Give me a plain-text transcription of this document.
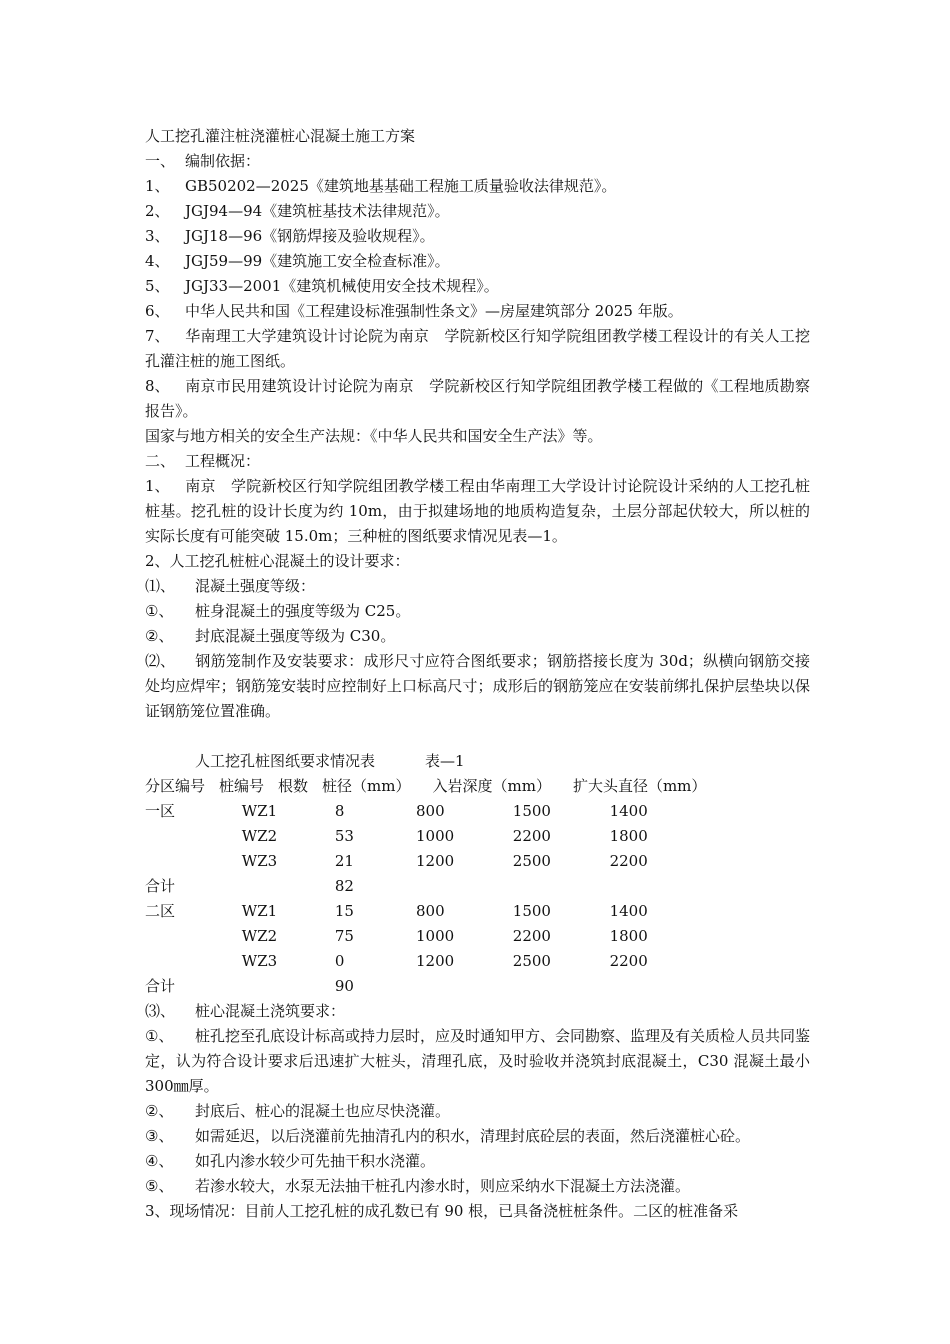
人工挖孔灌注桩浇灌桩心混凝土施工方案

一、 编制依据：

1、 GB50202—2025《建筑地基基础工程施工质量验收法律规范》。

2、 JGJ94—94《建筑桩基技术法律规范》。

3、 JGJ18—96《钢筋焊接及验收规程》。

4、 JGJ59—99《建筑施工安全检查标准》。

5、 JGJ33—2001《建筑机械使用安全技术规程》。

6、 中华人民共和国《工程建设标准强制性条文》—房屋建筑部分 2025 年版。

7、 华南理工大学建筑设计讨论院为南京　学院新校区行知学院组团教学楼工程设计的有关人工挖孔灌注桩的施工图纸。

8、 南京市民用建筑设计讨论院为南京　学院新校区行知学院组团教学楼工程做的《工程地质勘察报告》。

国家与地方相关的安全生产法规：《中华人民共和国安全生产法》等。

二、 工程概况：

1、 南京　学院新校区行知学院组团教学楼工程由华南理工大学设计讨论院设计采纳的人工挖孔桩桩基。挖孔桩的设计长度为约 10m，由于拟建场地的地质构造复杂，土层分部起伏较大，所以桩的实际长度有可能突破 15.0m；三种桩的图纸要求情况见表—1。

2、人工挖孔桩桩心混凝土的设计要求：

⑴、 混凝土强度等级：

①、 桩身混凝土的强度等级为 C25。

②、 封底混凝土强度等级为 C30。

⑵、 钢筋笼制作及安装要求：成形尺寸应符合图纸要求；钢筋搭接长度为 30d；纵横向钢筋交接处均应焊牢；钢筋笼安装时应控制好上口标高尺寸；成形后的钢筋笼应在安装前绑扎保护层垫块以保证钢筋笼位置准确。

人工挖孔桩图纸要求情况表	表—1

分区编号 桩编号 根数 桩径（mm） 入岩深度（mm） 扩大头直径（mm）					
一区	WZ1	8	800	1500	1400
	WZ2	53	1000	2200	1800
	WZ3	21	1200	2500	2200
合计		82			
二区	WZ1	15	800	1500	1400
	WZ2	75	1000	2200	1800
	WZ3	0	1200	2500	2200
合计		90			

⑶、 桩心混凝土浇筑要求：

①、 桩孔挖至孔底设计标高或持力层时，应及时通知甲方、会同勘察、监理及有关质检人员共同鉴定，认为符合设计要求后迅速扩大桩头，清理孔底，及时验收并浇筑封底混凝土，C30 混凝土最小 300㎜厚。

②、 封底后、桩心的混凝土也应尽快浇灌。

③、 如需延迟，以后浇灌前先抽清孔内的积水，清理封底砼层的表面，然后浇灌桩心砼。

④、 如孔内渗水较少可先抽干积水浇灌。

⑤、 若渗水较大，水泵无法抽干桩孔内渗水时，则应采纳水下混凝土方法浇灌。

3、现场情况：目前人工挖孔桩的成孔数已有 90 根，已具备浇桩桩条件。二区的桩准备采
